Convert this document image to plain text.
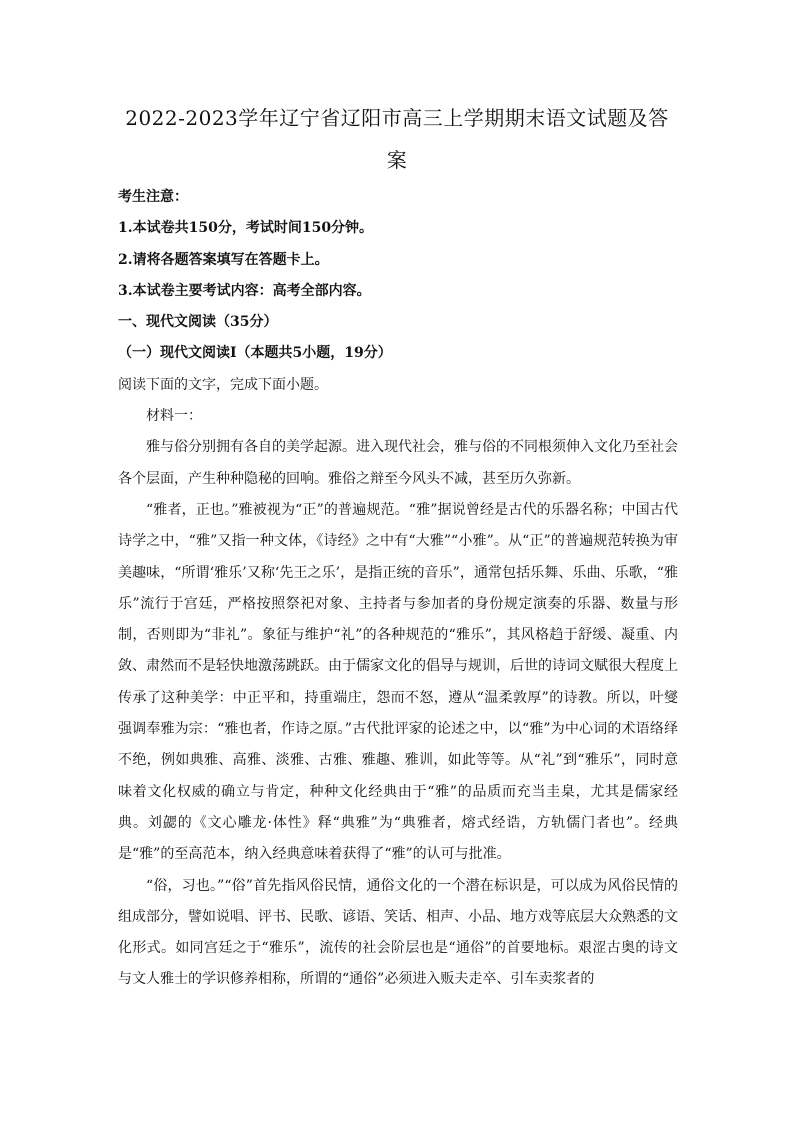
2022-2023学年辽宁省辽阳市高三上学期期末语文试题及答
案
考生注意：
1.本试卷共150分，考试时间150分钟。
2.请将各题答案填写在答题卡上。
3.本试卷主要考试内容：高考全部内容。
一、现代文阅读（35分）
（一）现代文阅读Ⅰ（本题共5小题，19分）
阅读下面的文字，完成下面小题。
材料一：
雅与俗分别拥有各自的美学起源。进入现代社会，雅与俗的不同根须伸入文化乃至社会各个层面，产生种种隐秘的回响。雅俗之辩至今风头不减，甚至历久弥新。
“雅者，正也。”雅被视为“正”的普遍规范。“雅”据说曾经是古代的乐器名称；中国古代诗学之中，“雅”又指一种文体，《诗经》之中有“大雅”“小雅”。从“正”的普遍规范转换为审美趣味，“所谓‘雅乐’又称‘先王之乐’，是指正统的音乐”，通常包括乐舞、乐曲、乐歌，“雅乐”流行于宫廷，严格按照祭祀对象、主持者与参加者的身份规定演奏的乐器、数量与形制，否则即为“非礼”。象征与维护“礼”的各种规范的“雅乐”，其风格趋于舒缓、凝重、内敛、肃然而不是轻快地激荡跳跃。由于儒家文化的倡导与规训，后世的诗词文赋很大程度上传承了这种美学：中正平和，持重端庄，怨而不怒，遵从“温柔敦厚”的诗教。所以，叶燮强调奉雅为宗：“雅也者，作诗之原。”古代批评家的论述之中，以“雅”为中心词的术语络绎不绝，例如典雅、高雅、淡雅、古雅、雅趣、雅训，如此等等。从“礼”到“雅乐”，同时意味着文化权威的确立与肯定，种种文化经典由于“雅”的品质而充当圭臬，尤其是儒家经典。刘勰的《文心雕龙·体性》释“典雅”为“典雅者，熔式经诰，方轨儒门者也”。经典是“雅”的至高范本，纳入经典意味着获得了“雅”的认可与批准。
“俗，习也。”“俗”首先指风俗民情，通俗文化的一个潜在标识是，可以成为风俗民情的组成部分，譬如说唱、评书、民歌、谚语、笑话、相声、小品、地方戏等底层大众熟悉的文化形式。如同宫廷之于“雅乐”，流传的社会阶层也是“通俗”的首要地标。艰涩古奥的诗文与文人雅士的学识修养相称，所谓的“通俗”必须进入贩夫走卒、引车卖浆者的
